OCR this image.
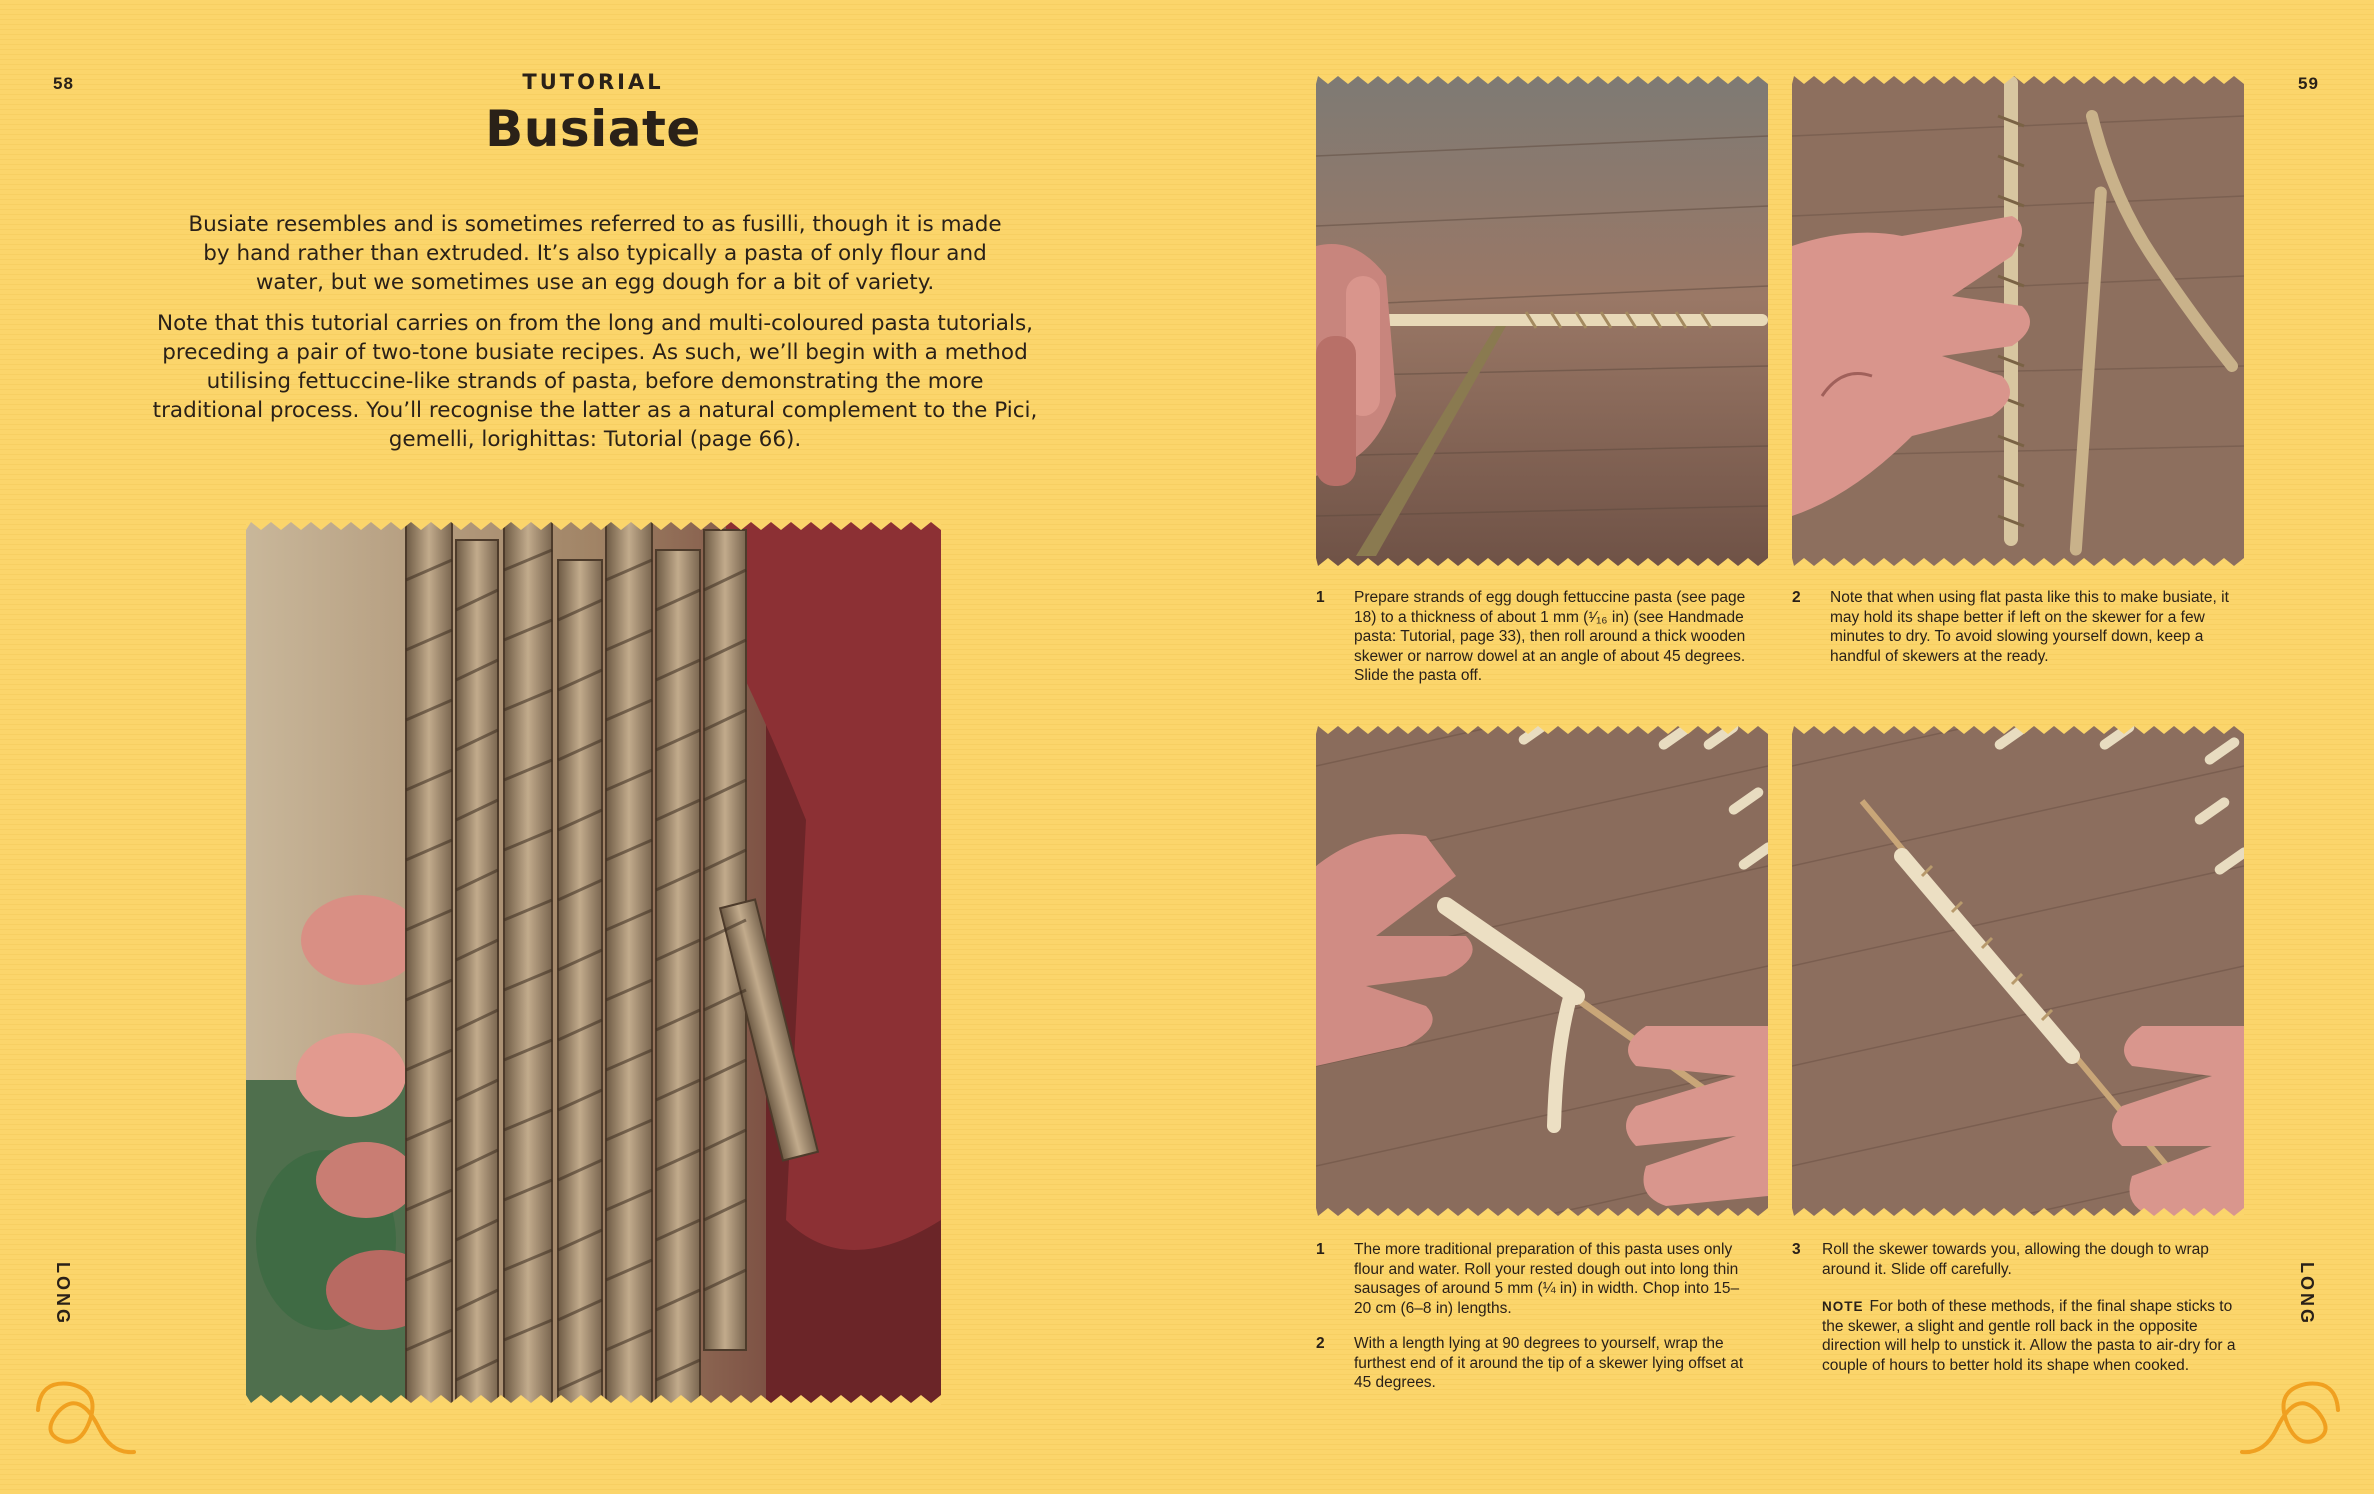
58
LONG
TUTORIAL
Busiate

Busiate resembles and is sometimes referred to as fusilli, though it is made by hand rather than extruded. It’s also typically a pasta of only flour and water, but we sometimes use an egg dough for a bit of variety.

Note that this tutorial carries on from the long and multi-coloured pasta tutorials, preceding a pair of two-tone busiate recipes. As such, we’ll begin with a method utilising fettuccine-like strands of pasta, before demonstrating the more traditional process. You’ll recognise the latter as a natural complement to the Pici, gemelli, lorighittas: Tutorial (page 66).

59
LONG
1 Prepare strands of egg dough fettuccine pasta (see page 18) to a thickness of about 1 mm (¹⁄₁₆ in) (see Handmade pasta: Tutorial, page 33), then roll around a thick wooden skewer or narrow dowel at an angle of about 45 degrees. Slide the pasta off.
2 Note that when using flat pasta like this to make busiate, it may hold its shape better if left on the skewer for a few minutes to dry. To avoid slowing yourself down, keep a handful of skewers at the ready.
1 The more traditional preparation of this pasta uses only flour and water. Roll your rested dough out into long thin sausages of around 5 mm (¼ in) in width. Chop into 15–20 cm (6–8 in) lengths.
2 With a length lying at 90 degrees to yourself, wrap the furthest end of it around the tip of a skewer lying offset at 45 degrees.
3 Roll the skewer towards you, allowing the dough to wrap around it. Slide off carefully.
NOTE For both of these methods, if the final shape sticks to the skewer, a slight and gentle roll back in the opposite direction will help to unstick it. Allow the pasta to air-dry for a couple of hours to better hold its shape when cooked.
